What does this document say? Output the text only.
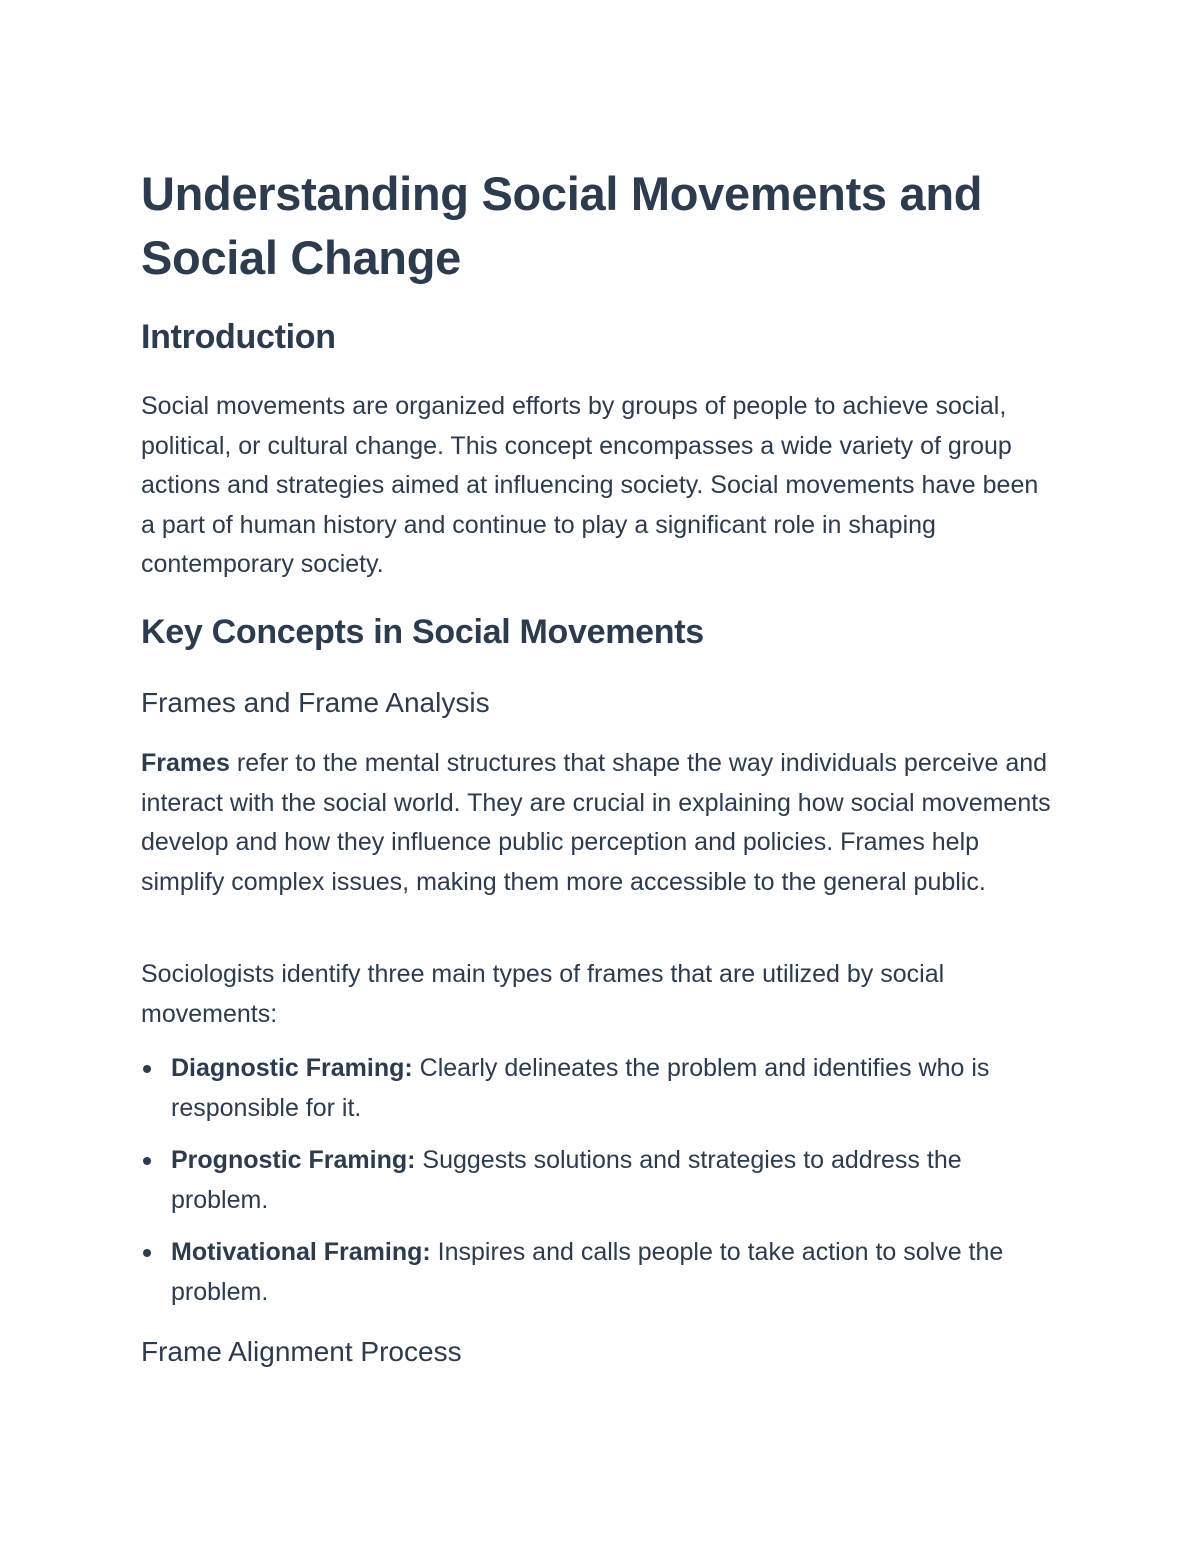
Understanding Social Movements and Social Change
Introduction

Social movements are organized efforts by groups of people to achieve social, political, or cultural change. This concept encompasses a wide variety of group actions and strategies aimed at influencing society. Social movements have been a part of human history and continue to play a significant role in shaping contemporary society.

Key Concepts in Social Movements
Frames and Frame Analysis

Frames refer to the mental structures that shape the way individuals perceive and interact with the social world. They are crucial in explaining how social movements develop and how they influence public perception and policies. Frames help simplify complex issues, making them more accessible to the general public.

Sociologists identify three main types of frames that are utilized by social movements:

Diagnostic Framing: Clearly delineates the problem and identifies who is responsible for it.
Prognostic Framing: Suggests solutions and strategies to address the problem.
Motivational Framing: Inspires and calls people to take action to solve the problem.
Frame Alignment Process
